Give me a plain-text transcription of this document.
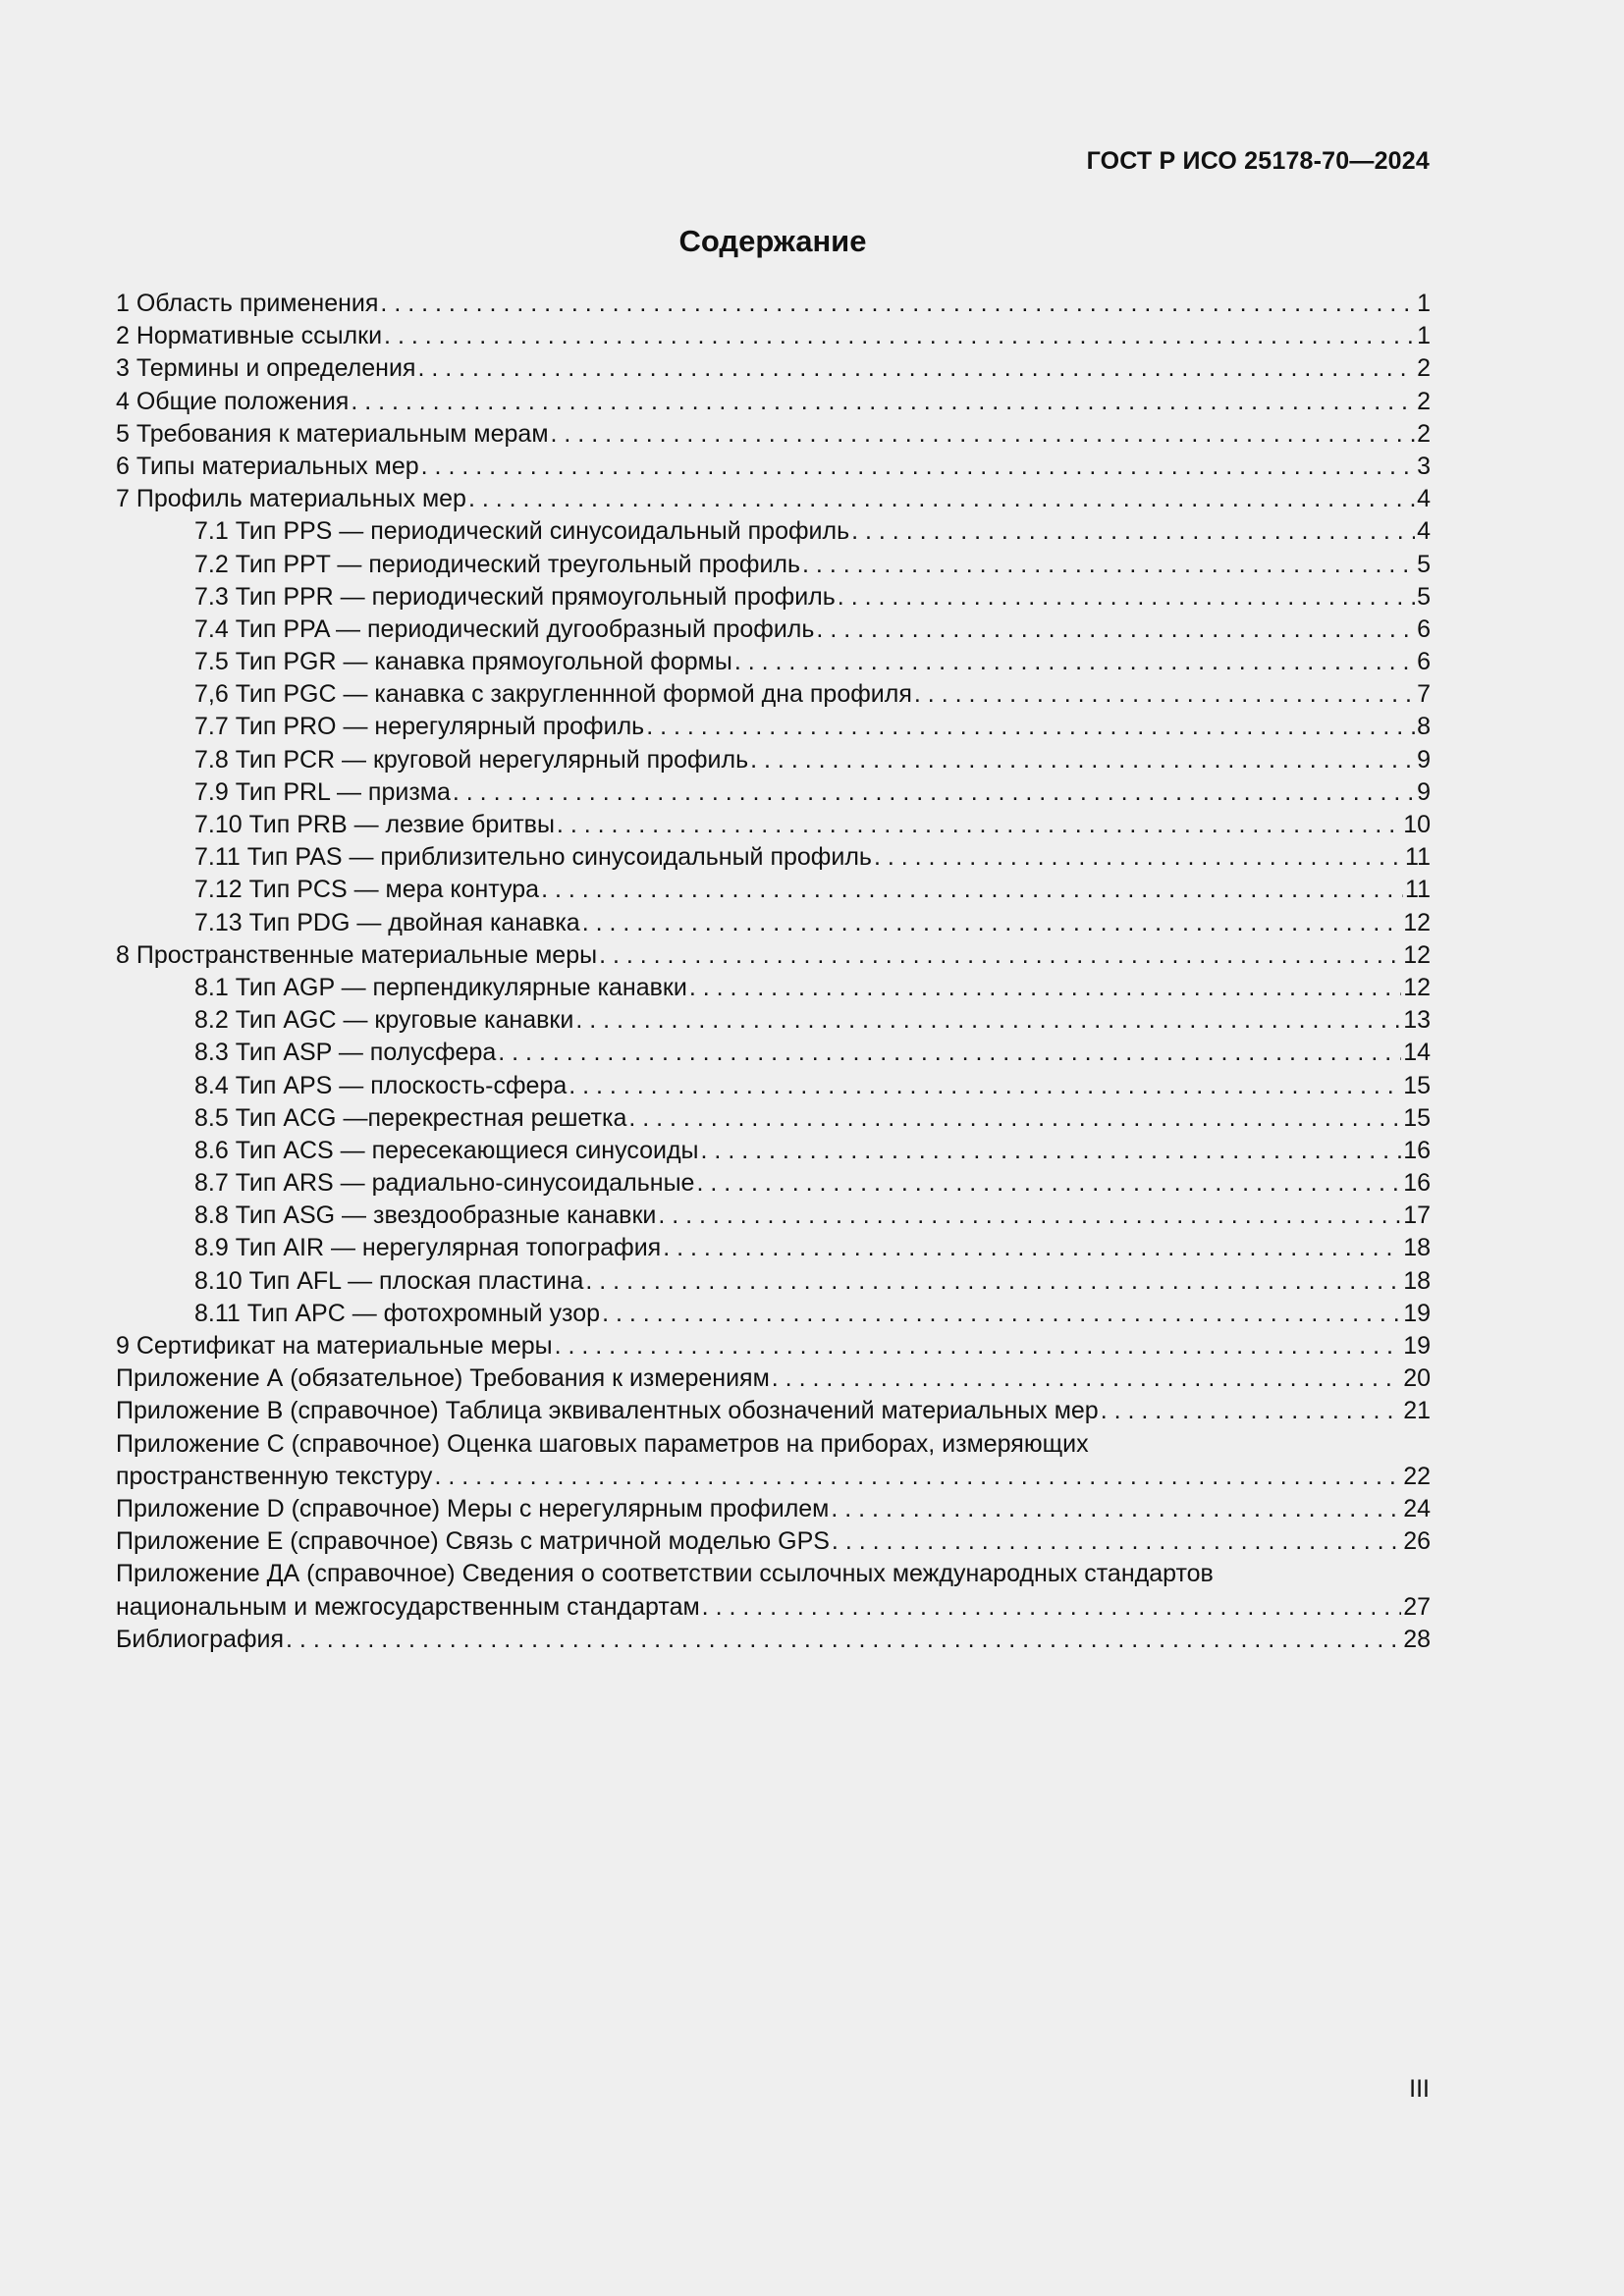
ГОСТ Р ИСО 25178-70—2024
Содержание
1 Область применения . . .	1
2 Нормативные ссылки . . .	1
3 Термины и определения . . .	2
4 Общие положения . . .	2
5 Требования к материальным мерам . . .	2
6 Типы материальных мер . . .	3
7 Профиль материальных мер . . .	4
7.1 Тип PPS — периодический синусоидальный профиль . . .	4
7.2 Тип PPT — периодический треугольный профиль . . .	5
7.3 Тип PPR — периодический прямоугольный профиль . . .	5
7.4 Тип PPA — периодический дугообразный профиль . . .	6
7.5 Тип PGR — канавка прямоугольной формы . . .	6
7,6 Тип PGC — канавка с закругленнной формой дна профиля . . .	7
7.7 Тип PRO — нерегулярный профиль . . .	8
7.8 Тип PCR — круговой нерегулярный профиль . . .	9
7.9 Тип PRL — призма . . .	9
7.10 Тип PRB — лезвие бритвы . . .	10
7.11 Тип PAS — приблизительно синусоидальный профиль . . .	11
7.12 Тип PCS — мера контура . . .	11
7.13 Тип PDG — двойная канавка . . .	12
8 Пространственные материальные меры . . .	12
8.1 Тип AGP — перпендикулярные канавки . . .	12
8.2 Тип AGC — круговые канавки . . .	13
8.3 Тип ASP — полусфера . . .	14
8.4 Тип APS — плоскость-сфера . . .	15
8.5 Тип ACG —перекрестная решетка . . .	15
8.6 Тип ACS — пересекающиеся синусоиды . . .	16
8.7 Тип ARS — радиально-синусоидальные . . .	16
8.8 Тип ASG — звездообразные канавки . . .	17
8.9 Тип AIR — нерегулярная топография . . .	18
8.10 Тип AFL — плоская пластина . . .	18
8.11 Тип APC — фотохромный узор . . .	19
9 Сертификат на материальные меры . . .	19
Приложение А (обязательное) Требования к измерениям . . .	20
Приложение B (справочное) Таблица эквивалентных обозначений материальных мер . . .	21
Приложение C (справочное) Оценка шаговых параметров на приборах, измеряющих
пространственную текстуру . . .	22
Приложение D (справочное) Меры с нерегулярным профилем . . .	24
Приложение E (справочное) Связь с матричной моделью GPS . . .	26
Приложение ДА (справочное) Сведения о соответствии ссылочных международных стандартов
национальным и межгосударственным стандартам . . .	27
Библиография . . .	28
III
